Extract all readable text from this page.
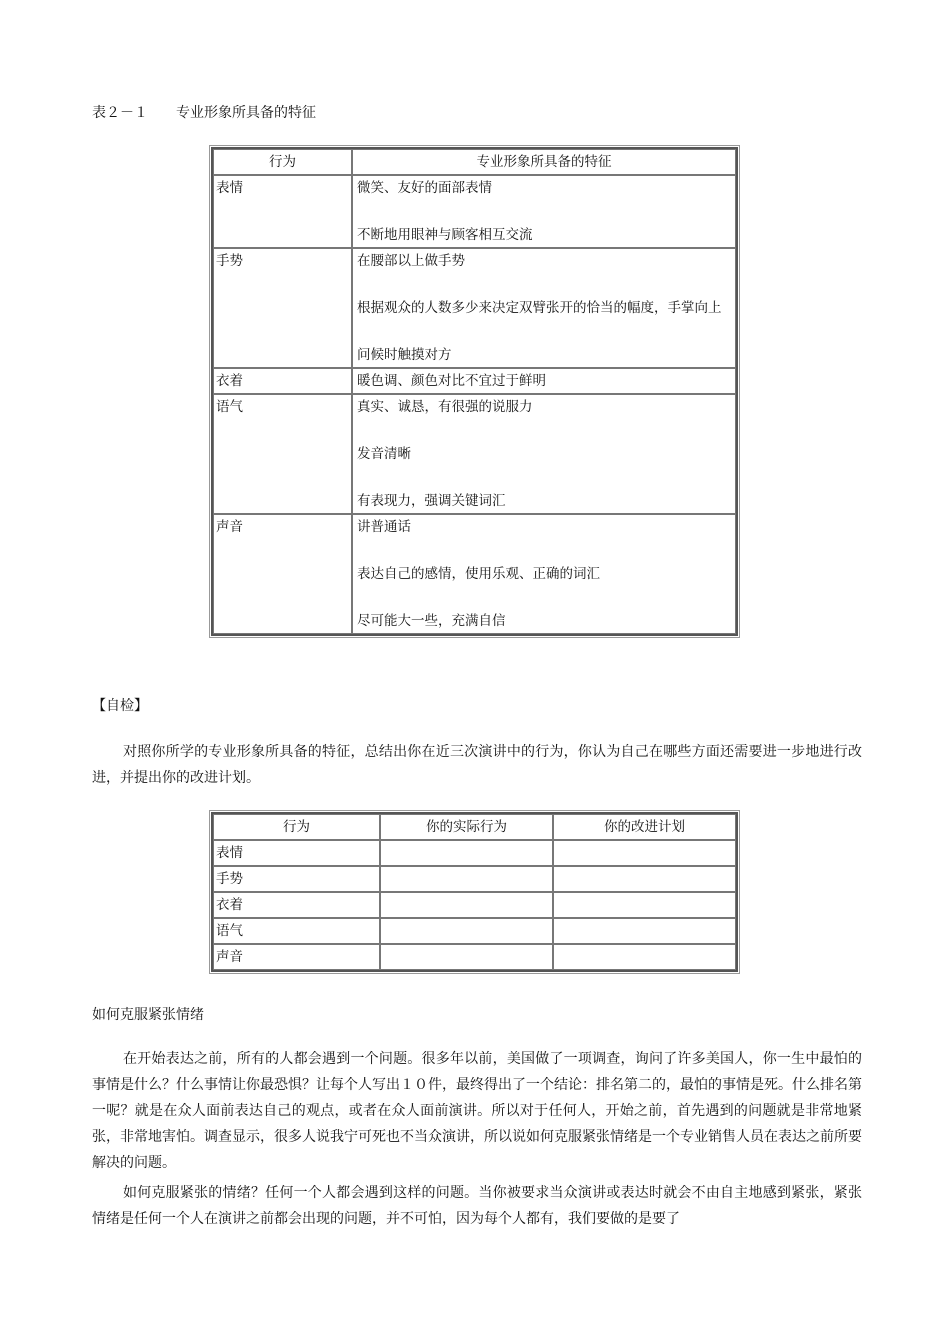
表２－１　　专业形象所具备的特征
行为	专业形象所具备的特征
表情	微笑、友好的面部表情
不断地用眼神与顾客相互交流

手势	在腰部以上做手势
根据观众的人数多少来决定双臂张开的恰当的幅度，手掌向上
问候时触摸对方

衣着	暖色调、颜色对比不宜过于鲜明

语气	真实、诚恳，有很强的说服力
发音清晰
有表现力，强调关键词汇

声音	讲普通话
表达自己的感情，使用乐观、正确的词汇
尽可能大一些，充满自信
【自检】

对照你所学的专业形象所具备的特征，总结出你在近三次演讲中的行为，你认为自己在哪些方面还需要进一步地进行改进，并提出你的改进计划。

行为	你的实际行为	你的改进计划
表情		
手势		
衣着		
语气		
声音		
如何克服紧张情绪

在开始表达之前，所有的人都会遇到一个问题。很多年以前，美国做了一项调查，询问了许多美国人，你一生中最怕的事情是什么？什么事情让你最恐惧？让每个人写出１０件，最终得出了一个结论：排名第二的，最怕的事情是死。什么排名第一呢？就是在众人面前表达自己的观点，或者在众人面前演讲。所以对于任何人，开始之前，首先遇到的问题就是非常地紧张，非常地害怕。调查显示，很多人说我宁可死也不当众演讲，所以说如何克服紧张情绪是一个专业销售人员在表达之前所要解决的问题。

如何克服紧张的情绪？任何一个人都会遇到这样的问题。当你被要求当众演讲或表达时就会不由自主地感到紧张，紧张情绪是任何一个人在演讲之前都会出现的问题，并不可怕，因为每个人都有，我们要做的是要了
